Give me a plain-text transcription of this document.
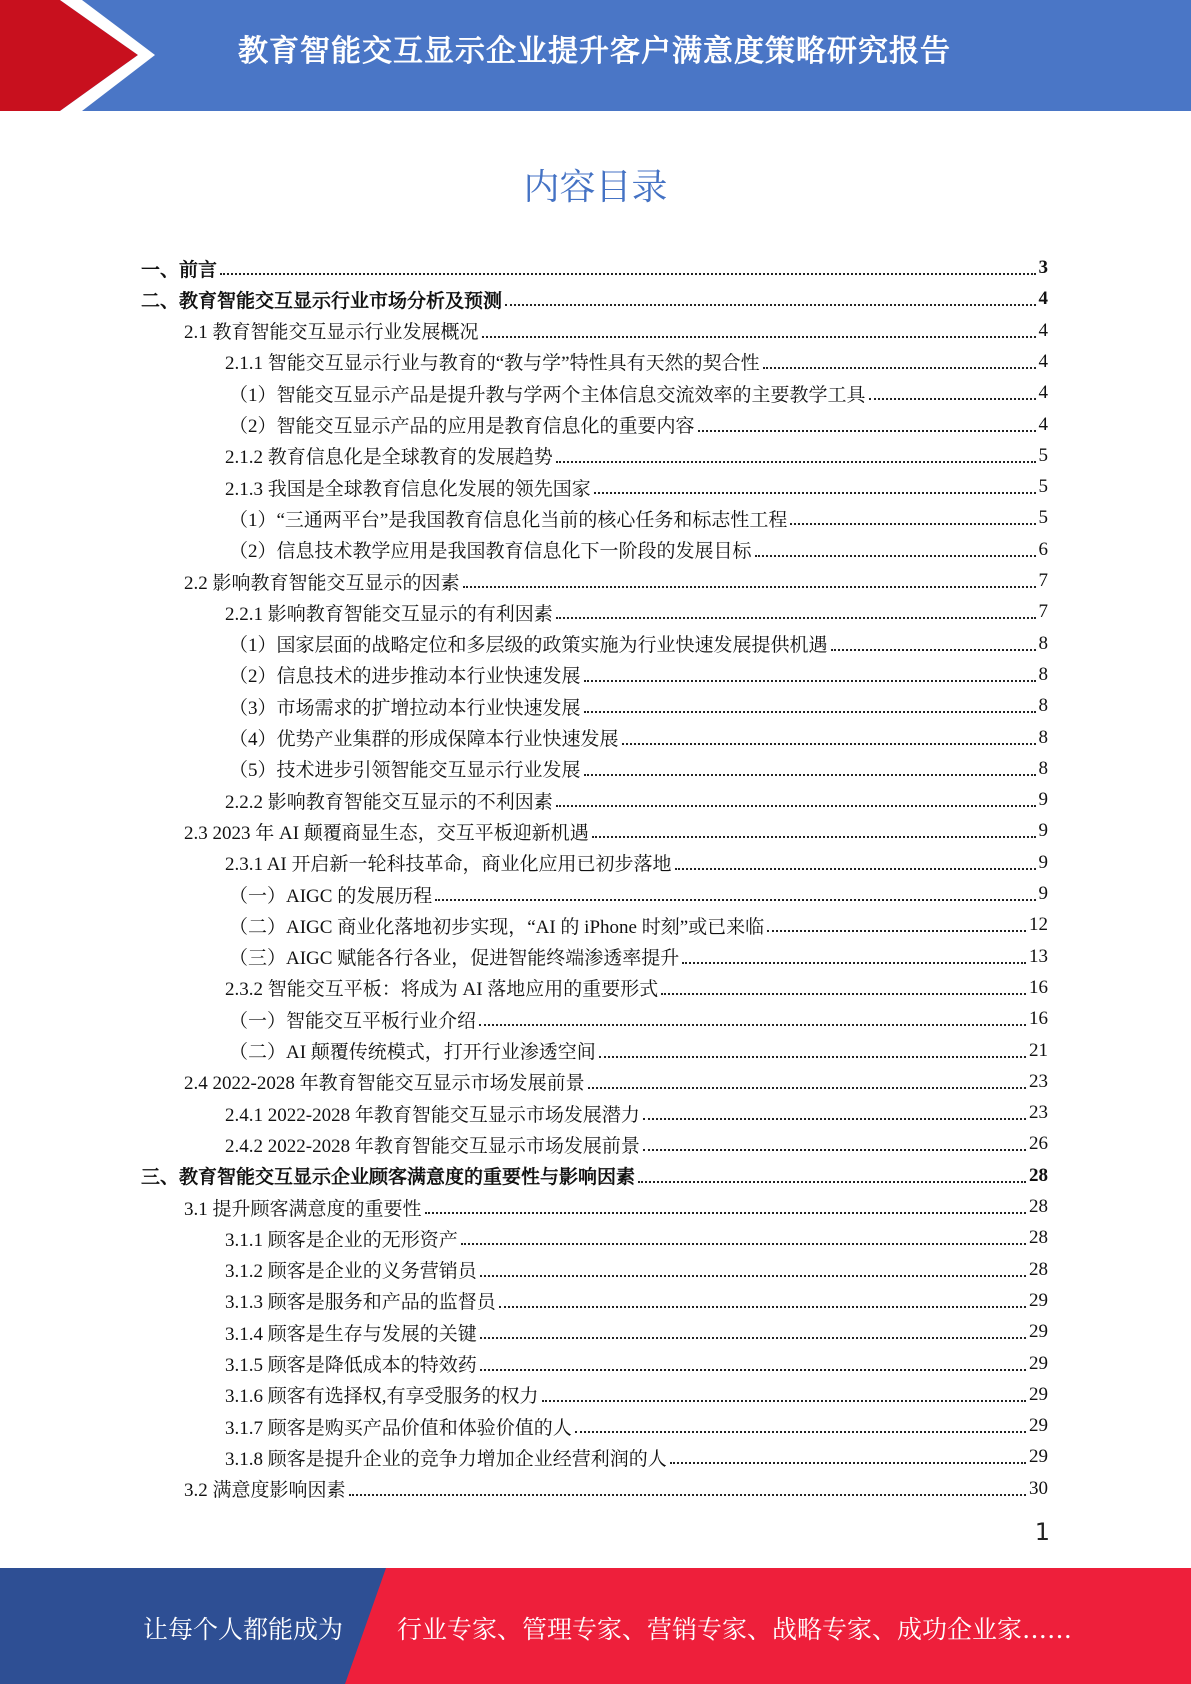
教育智能交互显示企业提升客户满意度策略研究报告
内容目录
一、前言	3
二、教育智能交互显示行业市场分析及预测	4
2.1 教育智能交互显示行业发展概况	4
2.1.1 智能交互显示行业与教育的“教与学”特性具有天然的契合性	4
（1）智能交互显示产品是提升教与学两个主体信息交流效率的主要教学工具	4
（2）智能交互显示产品的应用是教育信息化的重要内容	4
2.1.2 教育信息化是全球教育的发展趋势	5
2.1.3 我国是全球教育信息化发展的领先国家	5
（1）“三通两平台”是我国教育信息化当前的核心任务和标志性工程	5
（2）信息技术教学应用是我国教育信息化下一阶段的发展目标	6
2.2 影响教育智能交互显示的因素	7
2.2.1 影响教育智能交互显示的有利因素	7
（1）国家层面的战略定位和多层级的政策实施为行业快速发展提供机遇	8
（2）信息技术的进步推动本行业快速发展	8
（3）市场需求的扩增拉动本行业快速发展	8
（4）优势产业集群的形成保障本行业快速发展	8
（5）技术进步引领智能交互显示行业发展	8
2.2.2 影响教育智能交互显示的不利因素	9
2.3 2023 年 AI 颠覆商显生态，交互平板迎新机遇	9
2.3.1 AI 开启新一轮科技革命，商业化应用已初步落地	9
（一）AIGC 的发展历程	9
（二）AIGC 商业化落地初步实现，“AI 的 iPhone 时刻”或已来临	12
（三）AIGC 赋能各行各业，促进智能终端渗透率提升	13
2.3.2 智能交互平板：将成为 AI 落地应用的重要形式	16
（一）智能交互平板行业介绍	16
（二）AI 颠覆传统模式，打开行业渗透空间	21
2.4 2022-2028 年教育智能交互显示市场发展前景	23
2.4.1 2022-2028 年教育智能交互显示市场发展潜力	23
2.4.2 2022-2028 年教育智能交互显示市场发展前景	26
三、教育智能交互显示企业顾客满意度的重要性与影响因素	28
3.1 提升顾客满意度的重要性	28
3.1.1 顾客是企业的无形资产	28
3.1.2 顾客是企业的义务营销员	28
3.1.3 顾客是服务和产品的监督员	29
3.1.4 顾客是生存与发展的关键	29
3.1.5 顾客是降低成本的特效药	29
3.1.6 顾客有选择权,有享受服务的权力	29
3.1.7 顾客是购买产品价值和体验价值的人	29
3.1.8 顾客是提升企业的竞争力增加企业经营利润的人	29
3.2 满意度影响因素	30
1
让每个人都能成为 行业专家、管理专家、营销专家、战略专家、成功企业家……
